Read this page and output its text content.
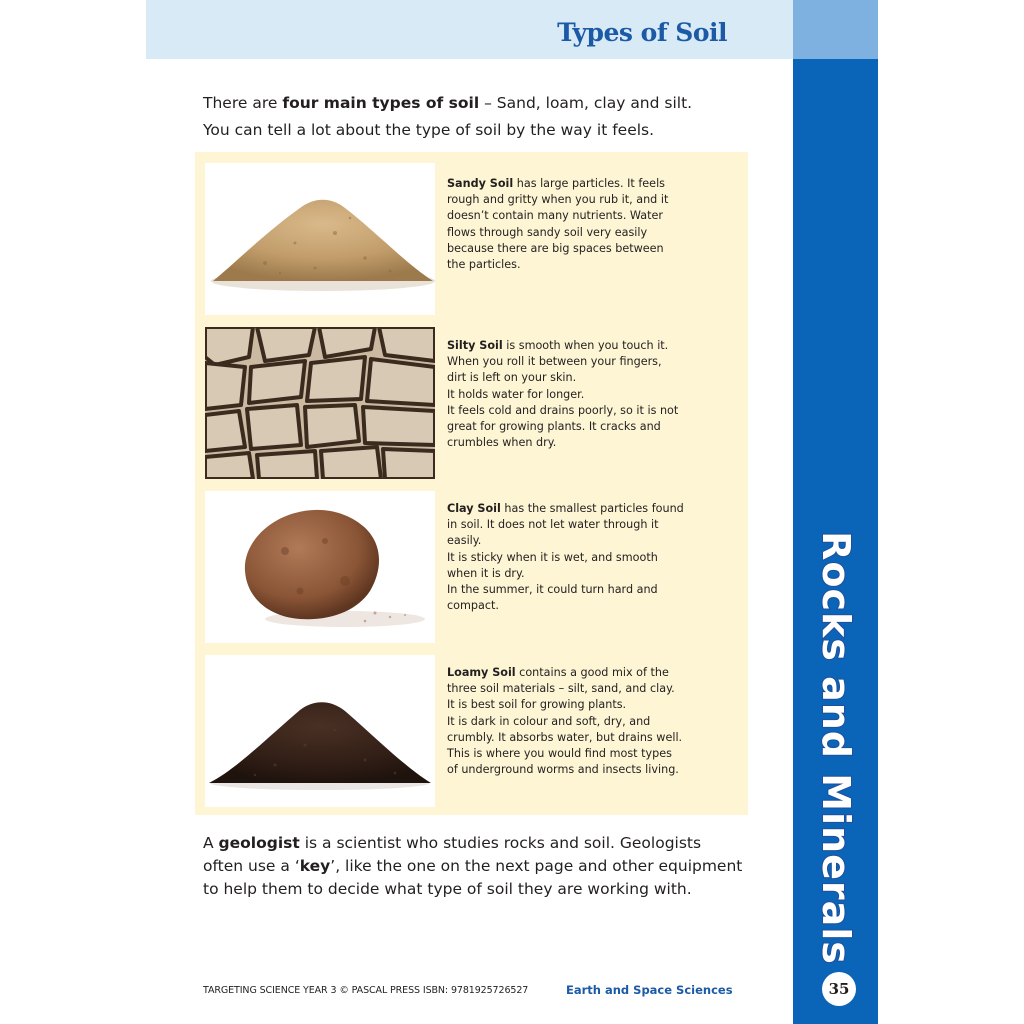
Types of Soil
Rocks and Minerals
35

There are four main types of soil – Sand, loam, clay and silt.

You can tell a lot about the type of soil by the way it feels.

Sandy Soil has large particles. It feels
rough and gritty when you rub it, and it
doesn’t contain many nutrients. Water
flows through sandy soil very easily
because there are big spaces between
the particles.
Silty Soil is smooth when you touch it.
When you roll it between your fingers,
dirt is left on your skin.
It holds water for longer.
It feels cold and drains poorly, so it is not
great for growing plants. It cracks and
crumbles when dry.
Clay Soil has the smallest particles found
in soil. It does not let water through it
easily.
It is sticky when it is wet, and smooth
when it is dry.
In the summer, it could turn hard and
compact.
Loamy Soil contains a good mix of the
three soil materials – silt, sand, and clay.
It is best soil for growing plants.
It is dark in colour and soft, dry, and
crumbly. It absorbs water, but drains well.
This is where you would find most types
of underground worms and insects living.
A geologist is a scientist who studies rocks and soil. Geologists often use a ‘key’, like the one on the next page and other equipment to help them to decide what type of soil they are working with.
TARGETING SCIENCE YEAR 3 © PASCAL PRESS ISBN: 9781925726527	Earth and Space Sciences
